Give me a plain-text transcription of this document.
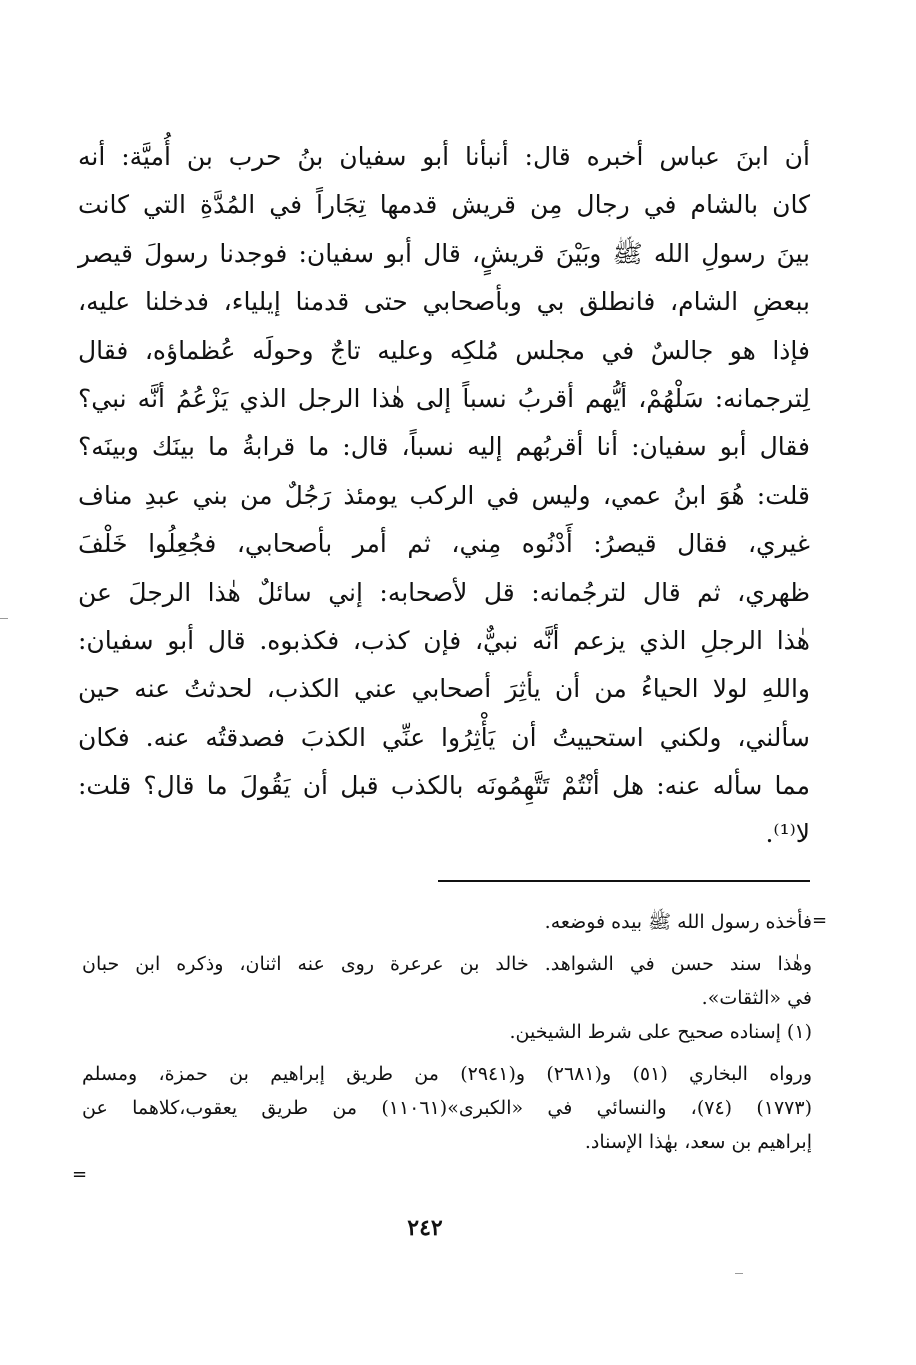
أن ابنَ عباس أخبره قال: أنبأنا أبو سفيان بنُ حرب بن أُميَّة: أنه
كان بالشام في رجال مِن قريش قدمها تِجَاراً في المُدَّةِ التي كانت
بينَ رسولِ الله ﷺ وبَيْنَ قريشٍ، قال أبو سفيان: فوجدنا رسولَ قيصر
ببعضِ الشام، فانطلق بي وبأصحابي حتى قدمنا إيلياء، فدخلنا عليه،
فإذا هو جالسٌ في مجلس مُلكِه وعليه تاجٌ وحولَه عُظماؤه، فقال
لِترجمانه: سَلْهُمْ، أيُّهم أقربُ نسباً إلى هٰذا الرجل الذي يَزْعُمُ أنَّه نبي؟
فقال أبو سفيان: أنا أقربُهم إليه نسباً، قال: ما قرابةُ ما بينَك وبينَه؟
قلت: هُوَ ابنُ عمي، وليس في الركب يومئذ رَجُلٌ من بني عبدِ مناف
غيري، فقال قيصرُ: أَدْنُوه مِني، ثم أمر بأصحابي، فجُعِلُوا خَلْفَ
ظهري، ثم قال لترجُمانه: قل لأصحابه: إني سائلٌ هٰذا الرجلَ عن
هٰذا الرجلِ الذي يزعم أنَّه نبيٌّ، فإن كذب، فكذبوه. قال أبو سفيان:
واللهِ لولا الحياءُ من أن يأثِرَ أصحابي عني الكذب، لحدثتُ عنه حين
سألني، ولكني استحييتُ أن يَأْثِرُوا عنِّي الكذبَ فصدقتُه عنه. فكان
مما سأله عنه: هل أنْتُمْ تَتَّهِمُونَه بالكذب قبل أن يَقُولَ ما قال؟ قلت:
لا⁽¹⁾.
=
فأخذه رسول الله ﷺ بيده فوضعه.
وهٰذا سند حسن في الشواهد. خالد بن عرعرة روى عنه اثنان، وذكره ابن حبان
في «الثقات».
(١) إسناده صحيح على شرط الشيخين.
ورواه البخاري (٥١) و(٢٦٨١) و(٢٩٤١) من طريق إبراهيم بن حمزة، ومسلم
(١٧٧٣) (٧٤)، والنسائي في «الكبرى»(١١٠٦١) من طريق يعقوب،كلاهما عن
إبراهيم بن سعد، بهٰذا الإسناد.
=
٢٤٢
